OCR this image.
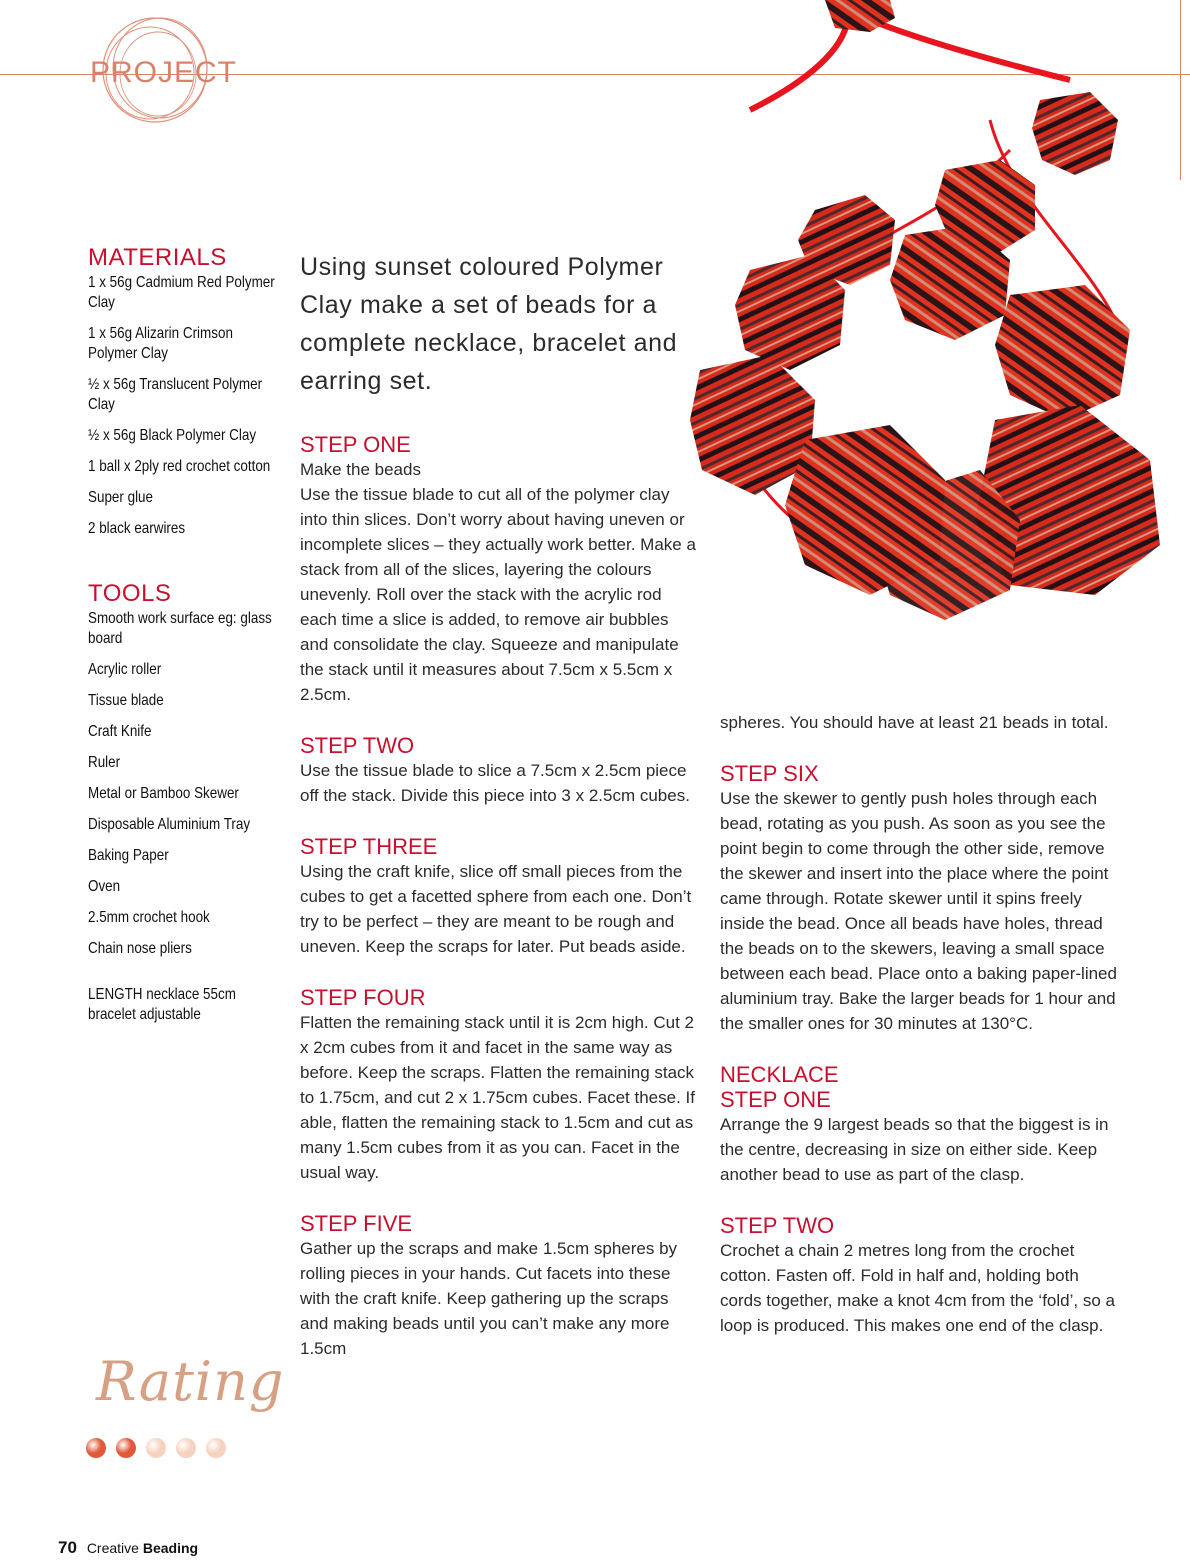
PROJECT
MATERIALS
1 x 56g Cadmium Red Polymer Clay
1 x 56g Alizarin Crimson Polymer Clay
½ x 56g Translucent Polymer Clay
½ x 56g Black Polymer Clay
1 ball x 2ply red crochet cotton
Super glue
2 black earwires
TOOLS
Smooth work surface eg: glass board
Acrylic roller
Tissue blade
Craft Knife
Ruler
Metal or Bamboo Skewer
Disposable Aluminium Tray
Baking Paper
Oven
2.5mm crochet hook
Chain nose pliers
LENGTH necklace 55cm bracelet adjustable
Rating
Using sunset coloured Polymer Clay make a set of beads for a complete necklace, bracelet and earring set.
STEP ONE
Make the beads

Use the tissue blade to cut all of the polymer clay into thin slices. Don’t worry about having uneven or incomplete slices – they actually work better. Make a stack from all of the slices, layering the colours unevenly. Roll over the stack with the acrylic rod each time a slice is added, to remove air bubbles and consolidate the clay. Squeeze and manipulate the stack until it measures about 7.5cm x 5.5cm x 2.5cm.

STEP TWO

Use the tissue blade to slice a 7.5cm x 2.5cm piece off the stack. Divide this piece into 3 x 2.5cm cubes.

STEP THREE

Using the craft knife, slice off small pieces from the cubes to get a facetted sphere from each one. Don’t try to be perfect – they are meant to be rough and uneven. Keep the scraps for later. Put beads aside.

STEP FOUR

Flatten the remaining stack until it is 2cm high. Cut 2 x 2cm cubes from it and facet in the same way as before. Keep the scraps. Flatten the remaining stack to 1.75cm, and cut 2 x 1.75cm cubes. Facet these. If able, flatten the remaining stack to 1.5cm and cut as many 1.5cm cubes from it as you can. Facet in the usual way.

STEP FIVE

Gather up the scraps and make 1.5cm spheres by rolling pieces in your hands. Cut facets into these with the craft knife. Keep gathering up the scraps and making beads until you can’t make any more 1.5cm

spheres. You should have at least 21 beads in total.

STEP SIX

Use the skewer to gently push holes through each bead, rotating as you push. As soon as you see the point begin to come through the other side, remove the skewer and insert into the place where the point came through. Rotate skewer until it spins freely inside the bead. Once all beads have holes, thread the beads on to the skewers, leaving a small space between each bead. Place onto a baking paper-lined aluminium tray. Bake the larger beads for 1 hour and the smaller ones for 30 minutes at 130°C.

NECKLACE
STEP ONE

Arrange the 9 largest beads so that the biggest is in the centre, decreasing in size on either side. Keep another bead to use as part of the clasp.

STEP TWO

Crochet a chain 2 metres long from the crochet cotton. Fasten off. Fold in half and, holding both cords together, make a knot 4cm from the ‘fold’, so a loop is produced. This makes one end of the clasp.

70 Creative Beading
